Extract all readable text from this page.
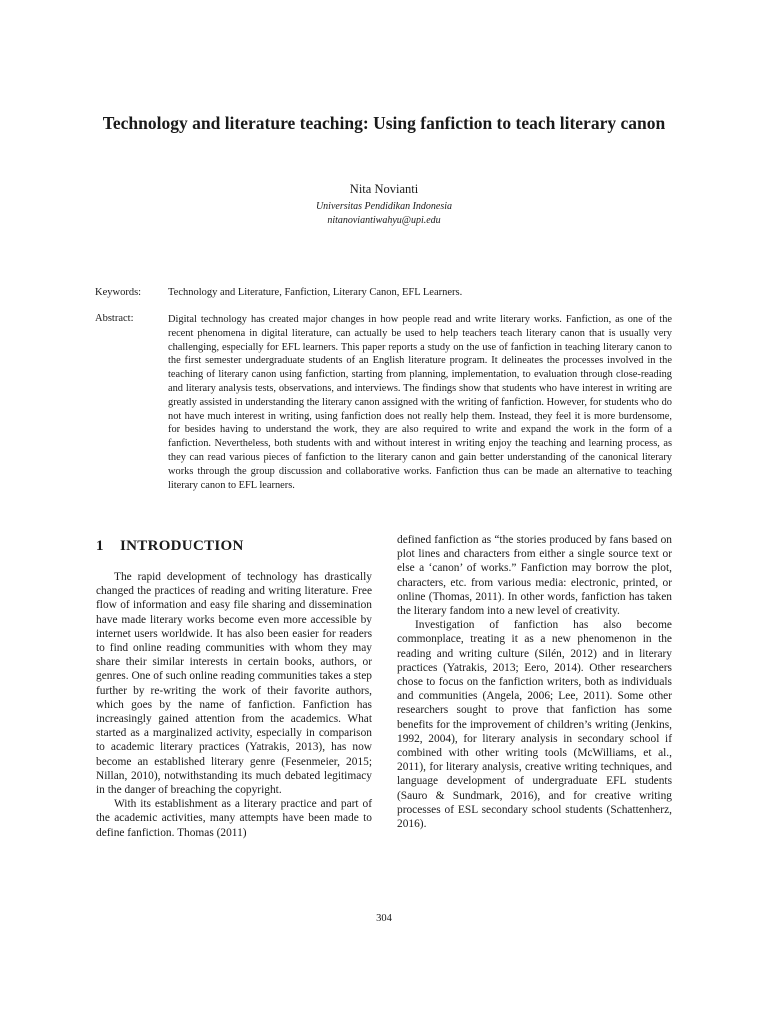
Technology and literature teaching: Using fanfiction to teach literary canon
Nita Novianti
Universitas Pendidikan Indonesia
nitanoviantiwahyu@upi.edu
Keywords:	Technology and Literature, Fanfiction, Literary Canon, EFL Learners.
Abstract:	Digital technology has created major changes in how people read and write literary works. Fanfiction, as one of the recent phenomena in digital literature, can actually be used to help teachers teach literary canon that is usually very challenging, especially for EFL learners. This paper reports a study on the use of fanfiction in teaching literary canon to the first semester undergraduate students of an English literature program. It delineates the processes involved in the teaching of literary canon using fanfiction, starting from planning, implementation, to evaluation through close-reading and literary analysis tests, observations, and interviews. The findings show that students who have interest in writing are greatly assisted in understanding the literary canon assigned with the writing of fanfiction. However, for students who do not have much interest in writing, using fanfiction does not really help them. Instead, they feel it is more burdensome, for besides having to understand the work, they are also required to write and expand the work in the form of a fanfiction. Nevertheless, both students with and without interest in writing enjoy the teaching and learning process, as they can read various pieces of fanfiction to the literary canon and gain better understanding of the canonical literary works through the group discussion and collaborative works. Fanfiction thus can be made an alternative to teaching literary canon to EFL learners.

1 INTRODUCTION

The rapid development of technology has drastically changed the practices of reading and writing literature. Free flow of information and easy file sharing and dissemination have made literary works become even more accessible by internet users worldwide. It has also been easier for readers to find online reading communities with whom they may share their similar interests in certain books, authors, or genres. One of such online reading communities takes a step further by re-writing the work of their favorite authors, which goes by the name of fanfiction. Fanfiction has increasingly gained attention from the academics. What started as a marginalized activity, especially in comparison to academic literary practices (Yatrakis, 2013), has now become an established literary genre (Fesenmeier, 2015; Nillan, 2010), notwithstanding its much debated legitimacy in the danger of breaching the copyright.

With its establishment as a literary practice and part of the academic activities, many attempts have been made to define fanfiction. Thomas (2011)

defined fanfiction as “the stories produced by fans based on plot lines and characters from either a single source text or else a ‘canon’ of works.” Fanfiction may borrow the plot, characters, etc. from various media: electronic, printed, or online (Thomas, 2011). In other words, fanfiction has taken the literary fandom into a new level of creativity.

Investigation of fanfiction has also become commonplace, treating it as a new phenomenon in the reading and writing culture (Silén, 2012) and in literary practices (Yatrakis, 2013; Eero, 2014). Other researchers chose to focus on the fanfiction writers, both as individuals and communities (Angela, 2006; Lee, 2011). Some other researchers sought to prove that fanfiction has some benefits for the improvement of children’s writing (Jenkins, 1992, 2004), for literary analysis in secondary school if combined with other writing tools (McWilliams, et al., 2011), for literary analysis, creative writing techniques, and language development of undergraduate EFL students (Sauro & Sundmark, 2016), and for creative writing processes of ESL secondary school students (Schattenherz, 2016).

304
